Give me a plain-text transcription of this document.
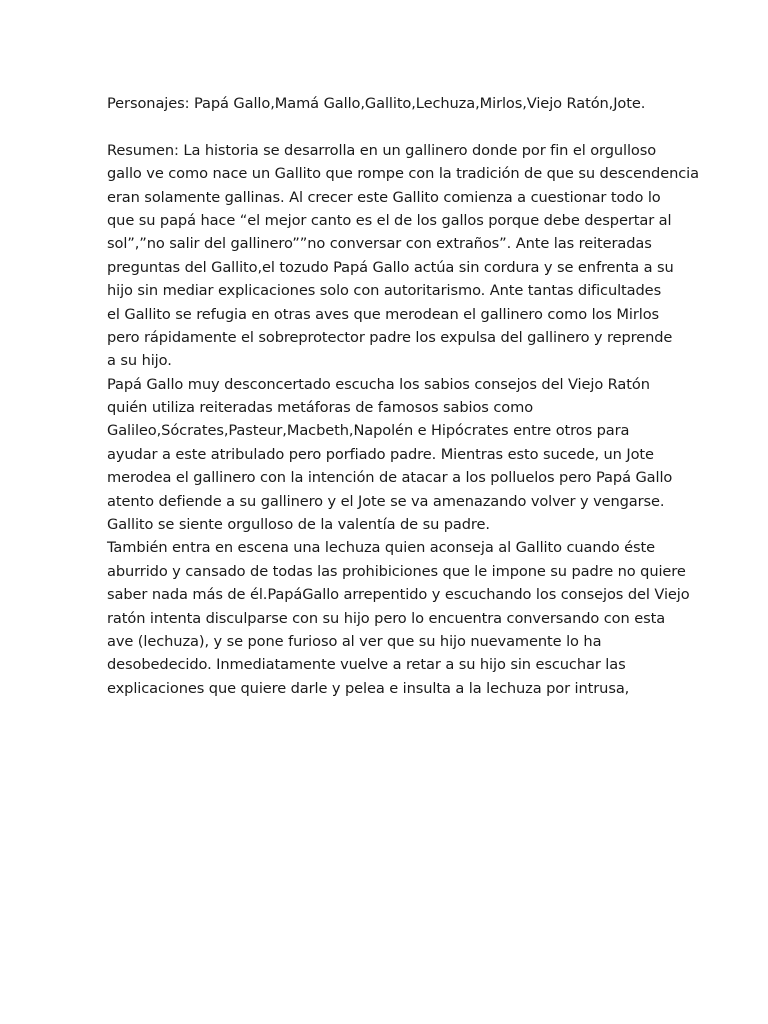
Personajes: Papá Gallo,Mamá Gallo,Gallito,Lechuza,Mirlos,Viejo Ratón,Jote.
Resumen: La historia se desarrolla en un gallinero donde por fin el orgulloso
gallo ve como nace un Gallito que rompe con la tradición de que su descendencia
eran solamente gallinas. Al crecer este Gallito comienza a cuestionar todo lo
que su papá hace “el mejor canto es el de los gallos porque debe despertar al
sol”,”no salir del gallinero””no conversar con extraños”. Ante las reiteradas
preguntas del Gallito,el tozudo Papá Gallo actúa sin cordura y se enfrenta a su
hijo sin mediar explicaciones solo con autoritarismo. Ante tantas dificultades
el Gallito se refugia en otras aves que merodean el gallinero como los Mirlos
pero rápidamente el sobreprotector padre los expulsa del gallinero y reprende
a su hijo.
Papá Gallo muy desconcertado escucha los sabios consejos del Viejo Ratón
quién utiliza reiteradas metáforas de famosos sabios como
Galileo,Sócrates,Pasteur,Macbeth,Napolén e Hipócrates entre otros para
ayudar a este atribulado pero porfiado padre. Mientras esto sucede, un Jote
merodea el gallinero con la intención de atacar a los polluelos pero Papá Gallo
atento defiende a su gallinero y el Jote se va amenazando volver y vengarse.
Gallito se siente orgulloso de la valentía de su padre.
También entra en escena una lechuza quien aconseja al Gallito cuando éste
aburrido y cansado de todas las prohibiciones que le impone su padre no quiere
saber nada más de él.PapáGallo arrepentido y escuchando los consejos del Viejo
ratón intenta disculparse con su hijo pero lo encuentra conversando con esta
ave (lechuza), y se pone furioso al ver que su hijo nuevamente lo ha
desobedecido. Inmediatamente vuelve a retar a su hijo sin escuchar las
explicaciones que quiere darle y pelea e insulta a la lechuza por intrusa,
